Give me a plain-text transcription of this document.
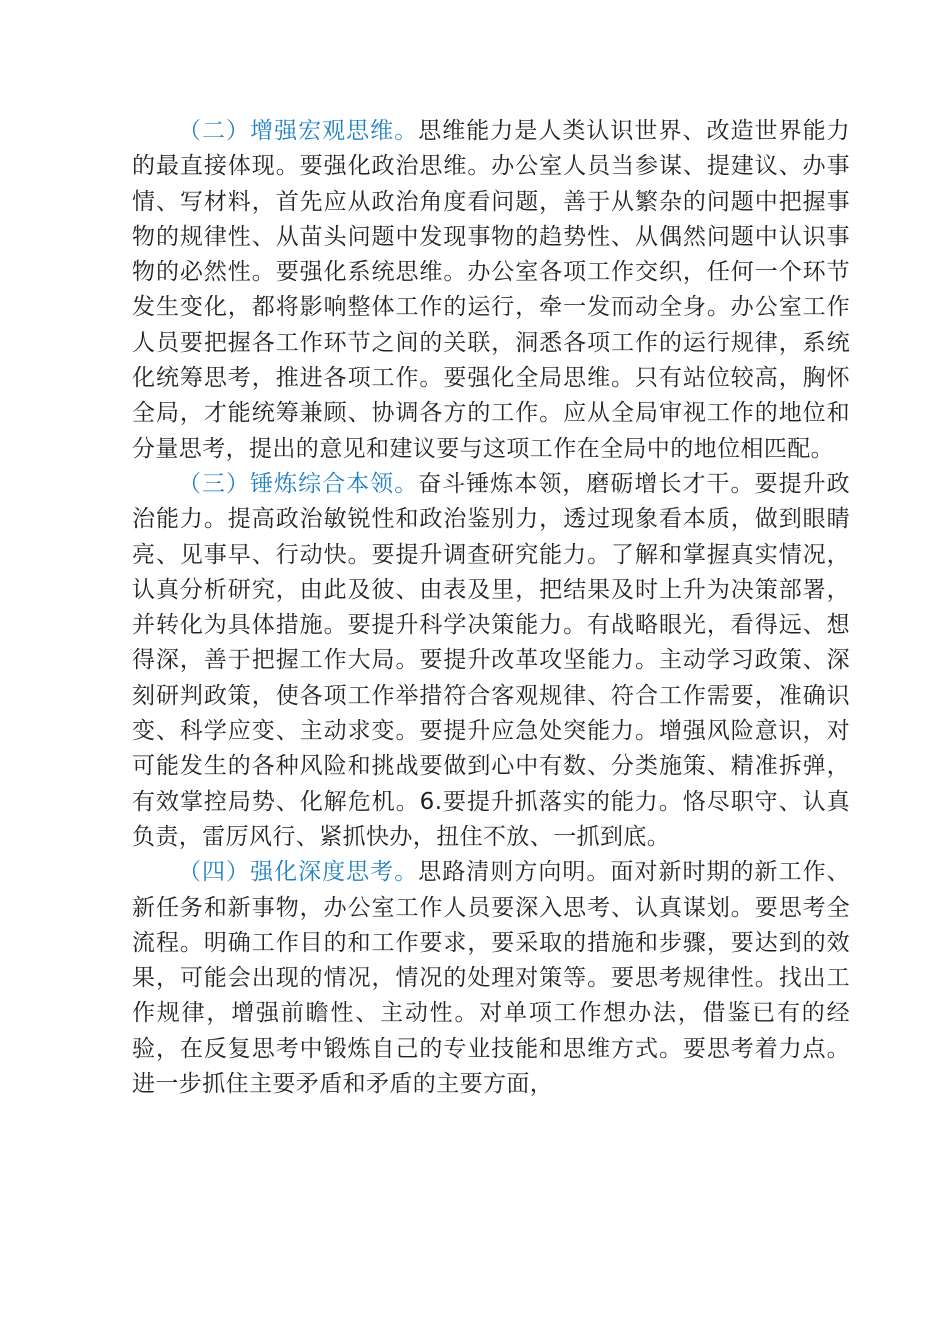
（二）增强宏观思维。思维能力是人类认识世界、改造世界能力的最直接体现。要强化政治思维。办公室人员当参谋、提建议、办事情、写材料，首先应从政治角度看问题，善于从繁杂的问题中把握事物的规律性、从苗头问题中发现事物的趋势性、从偶然问题中认识事物的必然性。要强化系统思维。办公室各项工作交织，任何一个环节发生变化，都将影响整体工作的运行，牵一发而动全身。办公室工作人员要把握各工作环节之间的关联，洞悉各项工作的运行规律，系统化统筹思考，推进各项工作。要强化全局思维。只有站位较高，胸怀全局，才能统筹兼顾、协调各方的工作。应从全局审视工作的地位和分量思考，提出的意见和建议要与这项工作在全局中的地位相匹配。

（三）锤炼综合本领。奋斗锤炼本领，磨砺增长才干。要提升政治能力。提高政治敏锐性和政治鉴别力，透过现象看本质，做到眼睛亮、见事早、行动快。要提升调查研究能力。了解和掌握真实情况，认真分析研究，由此及彼、由表及里，把结果及时上升为决策部署，并转化为具体措施。要提升科学决策能力。有战略眼光，看得远、想得深，善于把握工作大局。要提升改革攻坚能力。主动学习政策、深刻研判政策，使各项工作举措符合客观规律、符合工作需要，准确识变、科学应变、主动求变。要提升应急处突能力。增强风险意识，对可能发生的各种风险和挑战要做到心中有数、分类施策、精准拆弹，有效掌控局势、化解危机。6.要提升抓落实的能力。恪尽职守、认真负责，雷厉风行、紧抓快办，扭住不放、一抓到底。

（四）强化深度思考。思路清则方向明。面对新时期的新工作、新任务和新事物，办公室工作人员要深入思考、认真谋划。要思考全流程。明确工作目的和工作要求，要采取的措施和步骤，要达到的效果，可能会出现的情况，情况的处理对策等。要思考规律性。找出工作规律，增强前瞻性、主动性。对单项工作想办法，借鉴已有的经验，在反复思考中锻炼自己的专业技能和思维方式。要思考着力点。进一步抓住主要矛盾和矛盾的主要方面，
